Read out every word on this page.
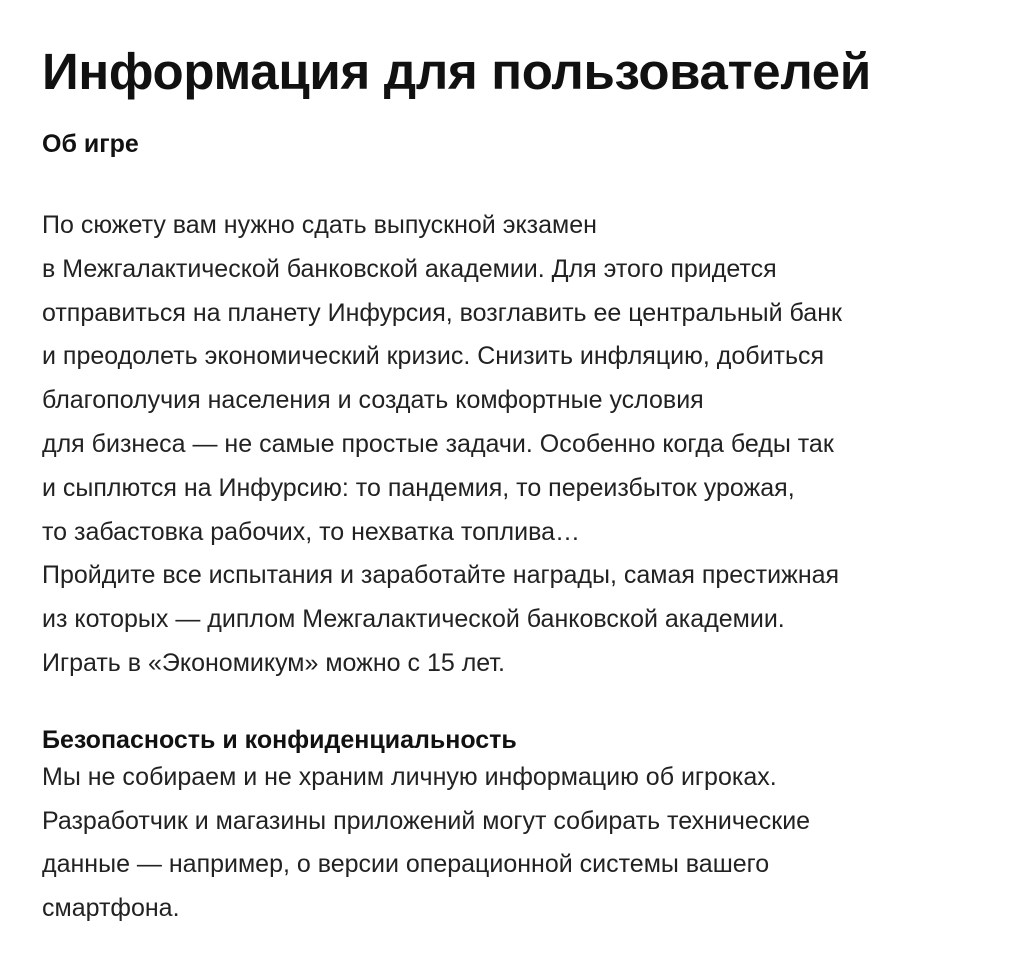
Информация для пользователей
Об игре

По сюжету вам нужно сдать выпускной экзамен
в Межгалактической банковской академии. Для этого придется
отправиться на планету Инфурсия, возглавить ее центральный банк
и преодолеть экономический кризис. Снизить инфляцию, добиться
благополучия населения и создать комфортные условия
для бизнеса — не самые простые задачи. Особенно когда беды так
и сыплются на Инфурсию: то пандемия, то переизбыток урожая,
то забастовка рабочих, то нехватка топлива…
Пройдите все испытания и заработайте награды, самая престижная
из которых — диплом Межгалактической банковской академии.
Играть в «Экономикум» можно с 15 лет.

Безопасность и конфиденциальность

Мы не собираем и не храним личную информацию об игроках.
Разработчик и магазины приложений могут собирать технические
данные — например, о версии операционной системы вашего
смартфона.
